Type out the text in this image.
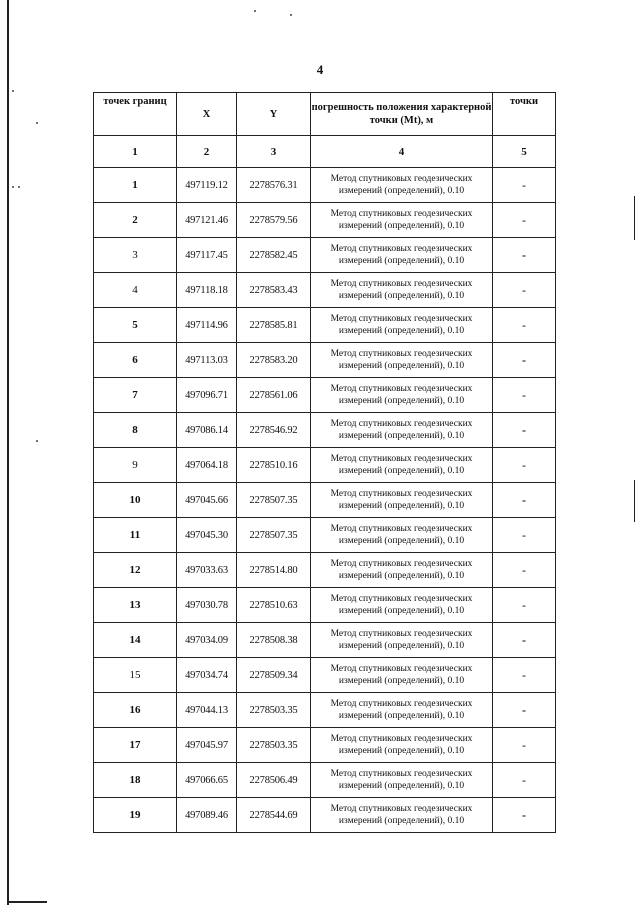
4
точек границ	X	Y	погрешность положения характерной точки (Mt), м	точки
1	2	3	4	5
1	497119.12	2278576.31	Метод спутниковых геодезических
измерений (определений), 0.10	-
2	497121.46	2278579.56	Метод спутниковых геодезических
измерений (определений), 0.10	-
3	497117.45	2278582.45	Метод спутниковых геодезических
измерений (определений), 0.10	-
4	497118.18	2278583.43	Метод спутниковых геодезических
измерений (определений), 0.10	-
5	497114.96	2278585.81	Метод спутниковых геодезических
измерений (определений), 0.10	-
6	497113.03	2278583.20	Метод спутниковых геодезических
измерений (определений), 0.10	-
7	497096.71	2278561.06	Метод спутниковых геодезических
измерений (определений), 0.10	-
8	497086.14	2278546.92	Метод спутниковых геодезических
измерений (определений), 0.10	-
9	497064.18	2278510.16	Метод спутниковых геодезических
измерений (определений), 0.10	-
10	497045.66	2278507.35	Метод спутниковых геодезических
измерений (определений), 0.10	-
11	497045.30	2278507.35	Метод спутниковых геодезических
измерений (определений), 0.10	-
12	497033.63	2278514.80	Метод спутниковых геодезических
измерений (определений), 0.10	-
13	497030.78	2278510.63	Метод спутниковых геодезических
измерений (определений), 0.10	-
14	497034.09	2278508.38	Метод спутниковых геодезических
измерений (определений), 0.10	-
15	497034.74	2278509.34	Метод спутниковых геодезических
измерений (определений), 0.10	-
16	497044.13	2278503.35	Метод спутниковых геодезических
измерений (определений), 0.10	-
17	497045.97	2278503.35	Метод спутниковых геодезических
измерений (определений), 0.10	-
18	497066.65	2278506.49	Метод спутниковых геодезических
измерений (определений), 0.10	-
19	497089.46	2278544.69	Метод спутниковых геодезических
измерений (определений), 0.10	-
